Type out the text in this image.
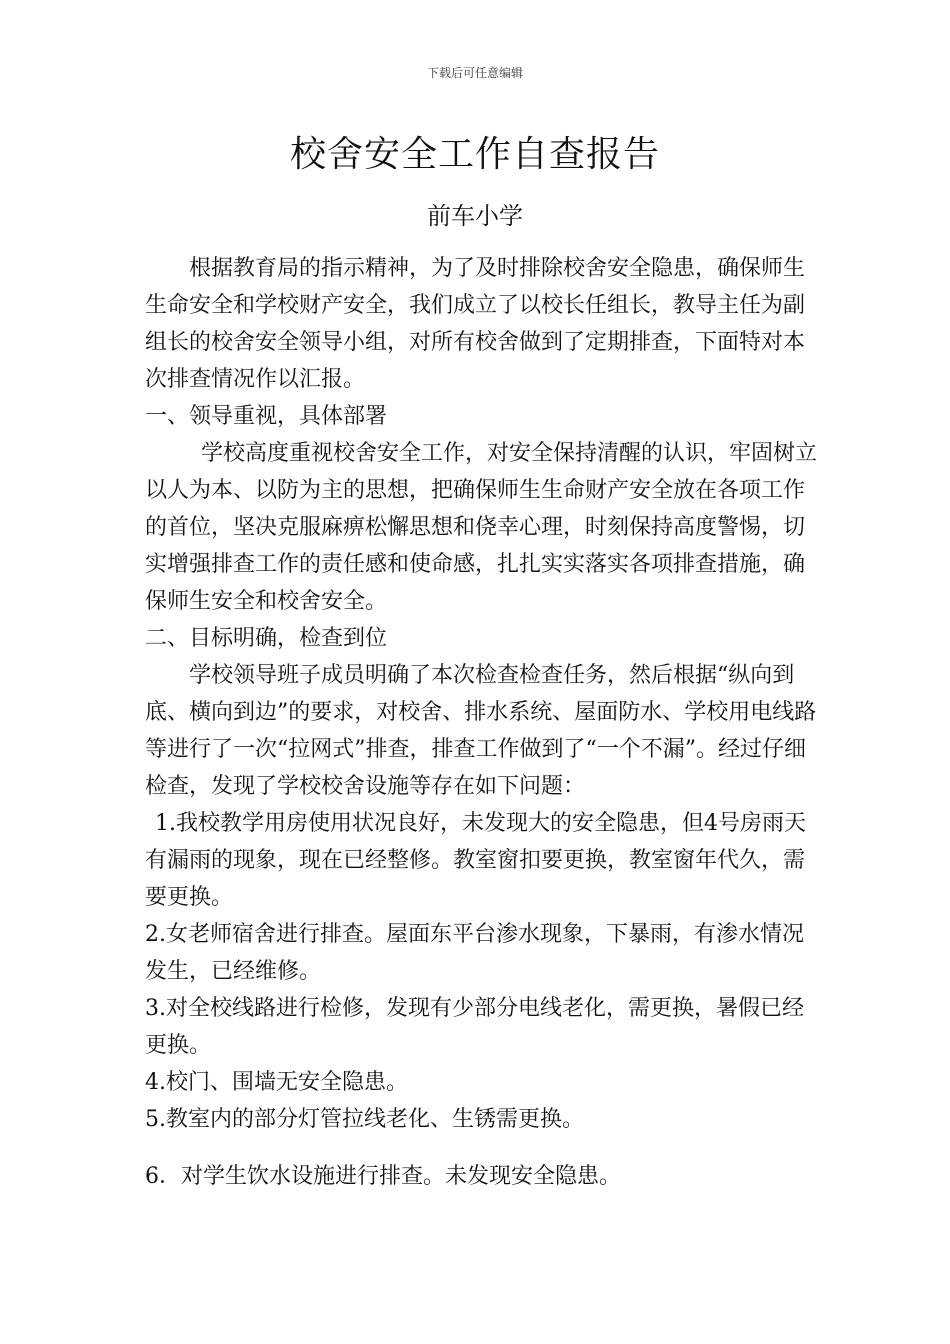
下载后可任意编辑
校舍安全工作自查报告
前车小学

根据教育局的指示精神，为了及时排除校舍安全隐患，确保师生生命安全和学校财产安全，我们成立了以校长任组长，教导主任为副组长的校舍安全领导小组，对所有校舍做到了定期排查，下面特对本次排查情况作以汇报。

一、领导重视，具体部署

学校高度重视校舍安全工作，对安全保持清醒的认识，牢固树立以人为本、以防为主的思想，把确保师生生命财产安全放在各项工作的首位，坚决克服麻痹松懈思想和侥幸心理，时刻保持高度警惕，切实增强排查工作的责任感和使命感，扎扎实实落实各项排查措施，确保师生安全和校舍安全。

二、目标明确，检查到位

学校领导班子成员明确了本次检查检查任务，然后根据“纵向到底、横向到边”的要求，对校舍、排水系统、屋面防水、学校用电线路等进行了一次“拉网式”排查，排查工作做到了“一个不漏”。经过仔细检查，发现了学校校舍设施等存在如下问题：

1.我校教学用房使用状况良好，未发现大的安全隐患，但4号房雨天有漏雨的现象，现在已经整修。教室窗扣要更换，教室窗年代久，需要更换。

2.女老师宿舍进行排查。屋面东平台渗水现象，下暴雨，有渗水情况发生，已经维修。

3.对全校线路进行检修，发现有少部分电线老化，需更换，暑假已经更换。

4.校门、围墙无安全隐患。

5.教室内的部分灯管拉线老化、生锈需更换。

6．对学生饮水设施进行排查。未发现安全隐患。
